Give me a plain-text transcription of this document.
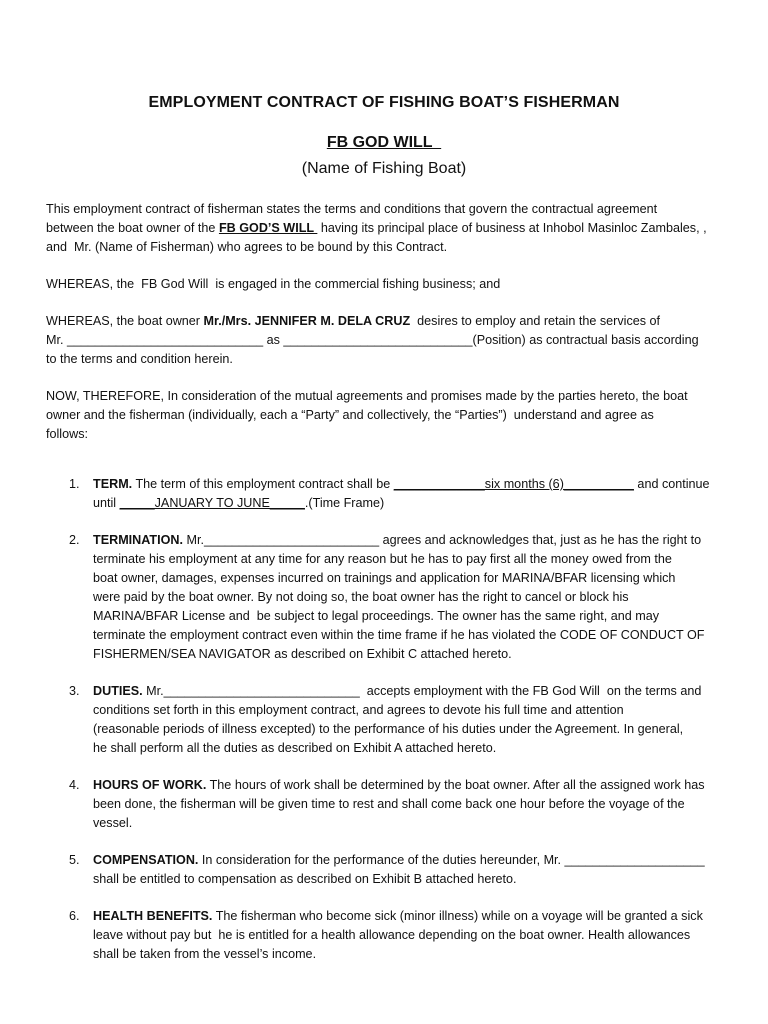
EMPLOYMENT CONTRACT OF FISHING BOAT’S FISHERMAN
FB GOD WILL
(Name of Fishing Boat)
This employment contract of fisherman states the terms and conditions that govern the contractual agreement
between the boat owner of the FB GOD’S WILL  having its principal place of business at Inhobol Masinloc Zambales, ,
and  Mr. (Name of Fisherman) who agrees to be bound by this Contract.
WHEREAS, the  FB God Will  is engaged in the commercial fishing business; and
WHEREAS, the boat owner Mr./Mrs. JENNIFER M. DELA CRUZ  desires to employ and retain the services of
Mr. ____________________________ as ___________________________(Position) as contractual basis according
to the terms and condition herein.
NOW, THEREFORE, In consideration of the mutual agreements and promises made by the parties hereto, the boat
owner and the fisherman (individually, each a “Party” and collectively, the “Parties”)  understand and agree as
follows:
1. TERM. The term of this employment contract shall be _____________six months (6)__________ and continue
until _____JANUARY TO JUNE_____.(Time Frame)
2. TERMINATION. Mr._________________________ agrees and acknowledges that, just as he has the right to
terminate his employment at any time for any reason but he has to pay first all the money owed from the
boat owner, damages, expenses incurred on trainings and application for MARINA/BFAR licensing which
were paid by the boat owner. By not doing so, the boat owner has the right to cancel or block his
MARINA/BFAR License and  be subject to legal proceedings. The owner has the same right, and may
terminate the employment contract even within the time frame if he has violated the CODE OF CONDUCT OF
FISHERMEN/SEA NAVIGATOR as described on Exhibit C attached hereto.
3. DUTIES. Mr.____________________________  accepts employment with the FB God Will  on the terms and
conditions set forth in this employment contract, and agrees to devote his full time and attention
(reasonable periods of illness excepted) to the performance of his duties under the Agreement. In general,
he shall perform all the duties as described on Exhibit A attached hereto.
4. HOURS OF WORK. The hours of work shall be determined by the boat owner. After all the assigned work has
been done, the fisherman will be given time to rest and shall come back one hour before the voyage of the
vessel.
5. COMPENSATION. In consideration for the performance of the duties hereunder, Mr. ____________________
shall be entitled to compensation as described on Exhibit B attached hereto.
6. HEALTH BENEFITS. The fisherman who become sick (minor illness) while on a voyage will be granted a sick
leave without pay but  he is entitled for a health allowance depending on the boat owner. Health allowances
shall be taken from the vessel’s income.
